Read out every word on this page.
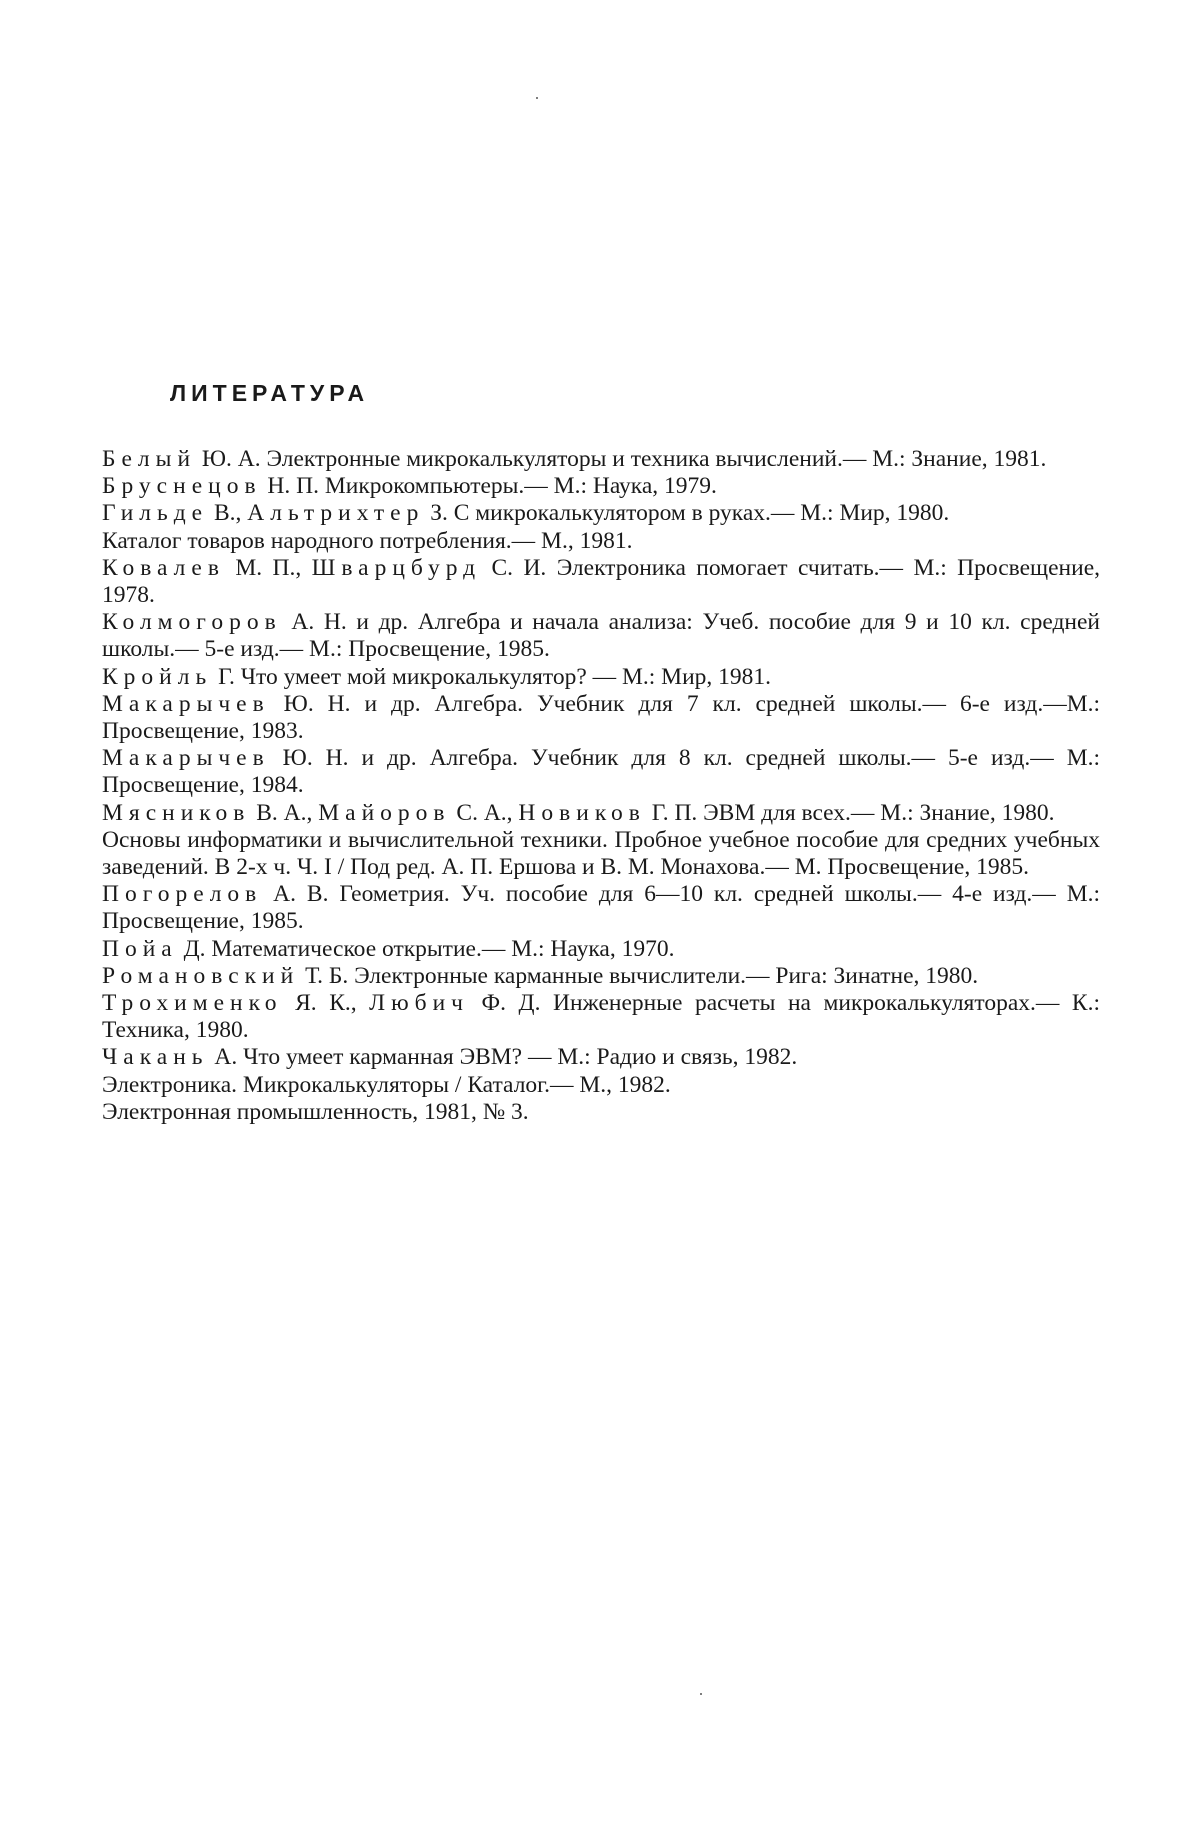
ЛИТЕРАТУРА
Белый Ю. А. Электронные микрокалькуляторы и техника вычислений.— М.: Знание, 1981.
Бруснецов Н. П. Микрокомпьютеры.— М.: Наука, 1979.
Гильде В., Альтрихтер З. С микрокалькулятором в руках.— М.: Мир, 1980.
Каталог товаров народного потребления.— М., 1981.
Ковалев М. П., Шварцбурд С. И. Электроника помогает считать.— М.: Просвещение, 1978.
Колмогоров А. Н. и др. Алгебра и начала анализа: Учеб. пособие для 9 и 10 кл. средней школы.— 5-е изд.— М.: Просвещение, 1985.
Кройль Г. Что умеет мой микрокалькулятор? — М.: Мир, 1981.
Макарычев Ю. Н. и др. Алгебра. Учебник для 7 кл. средней школы.— 6-е изд.—М.: Просвещение, 1983.
Макарычев Ю. Н. и др. Алгебра. Учебник для 8 кл. средней школы.— 5-е изд.— М.: Просвещение, 1984.
Мясников В. А., Майоров С. А., Новиков Г. П. ЭВМ для всех.— М.: Знание, 1980.
Основы информатики и вычислительной техники. Пробное учебное пособие для средних учебных заведений. В 2-х ч. Ч. I / Под ред. А. П. Ершова и В. М. Монахова.— М. Просвещение, 1985.
Погорелов А. В. Геометрия. Уч. пособие для 6—10 кл. средней школы.— 4-е изд.— М.: Просвещение, 1985.
Пойа Д. Математическое открытие.— М.: Наука, 1970.
Романовский Т. Б. Электронные карманные вычислители.— Рига: Зинатне, 1980.
Трохименко Я. К., Любич Ф. Д. Инженерные расчеты на микрокалькуляторах.— К.: Техника, 1980.
Чакань А. Что умеет карманная ЭВМ? — М.: Радио и связь, 1982.
Электроника. Микрокалькуляторы / Каталог.— М., 1982.
Электронная промышленность, 1981, № 3.
